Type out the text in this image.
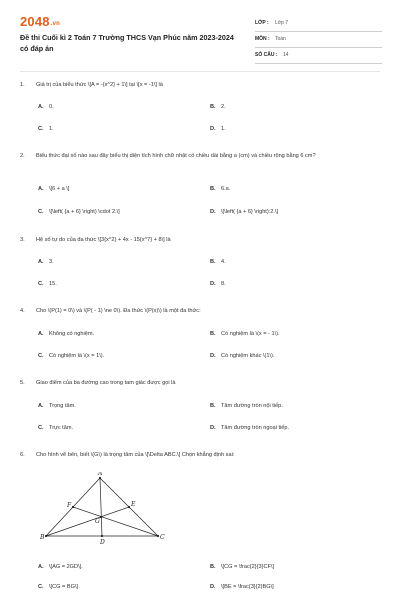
2048.vn
Đề thi Cuối kì 2 Toán 7 Trường THCS Vạn Phúc năm 2023-2024 có đáp án
LỚP : Lớp 7
MÔN : Toán
SỐ CÂU : 14
1. Giá trị của biểu thức \[A = -{x^2} + 1\] tại \[x = -1\] là
A. 0.	B. 2.
C. 1.	D. 1.
2. Biểu thức đại số nào sau đây biểu thị diện tích hình chữ nhật có chiều dài bằng a (cm) và chiều rộng bằng 6 cm?
A. \[6 + a \]	B. 6.a.
C. \[\left( {a + 6} \right) \cdot 2.\]	D. \[\left( {a + 6} \right):2.\]
3. Hệ số tự do của đa thức \[3{x^2} + 4x - 15{x^7} + 8\] là
A. 3.	B. 4.
C. 15.	D. 8.
4. Cho \(P(1) = 0\) và \(P( - 1) \ne 0\). Đa thức \(P(x)\) là một đa thức:
A. Không có nghiệm.	B. Có nghiệm là \(x = - 1\).
C. Có nghiệm là \(x = 1\).	D. Có nghiệm khác \(1\).
5. Giao điểm của ba đường cao trong tam giác được gọi là
A. Trọng tâm.	B. Tâm đường tròn nội tiếp.
C. Trực tâm.	D. Tâm đường tròn ngoại tiếp.
6. Cho hình vẽ bên, biết \(G\) là trọng tâm của \[\Delta ABC.\] Chọn khẳng định sai:
A
B	C
D
E
F
G
A. \[AG = 2GD\].	B. \[CG = \frac{2}{3}CF\]
C. \[CG = BG\]	D. \[BE = \frac{3}{2}BG\]
